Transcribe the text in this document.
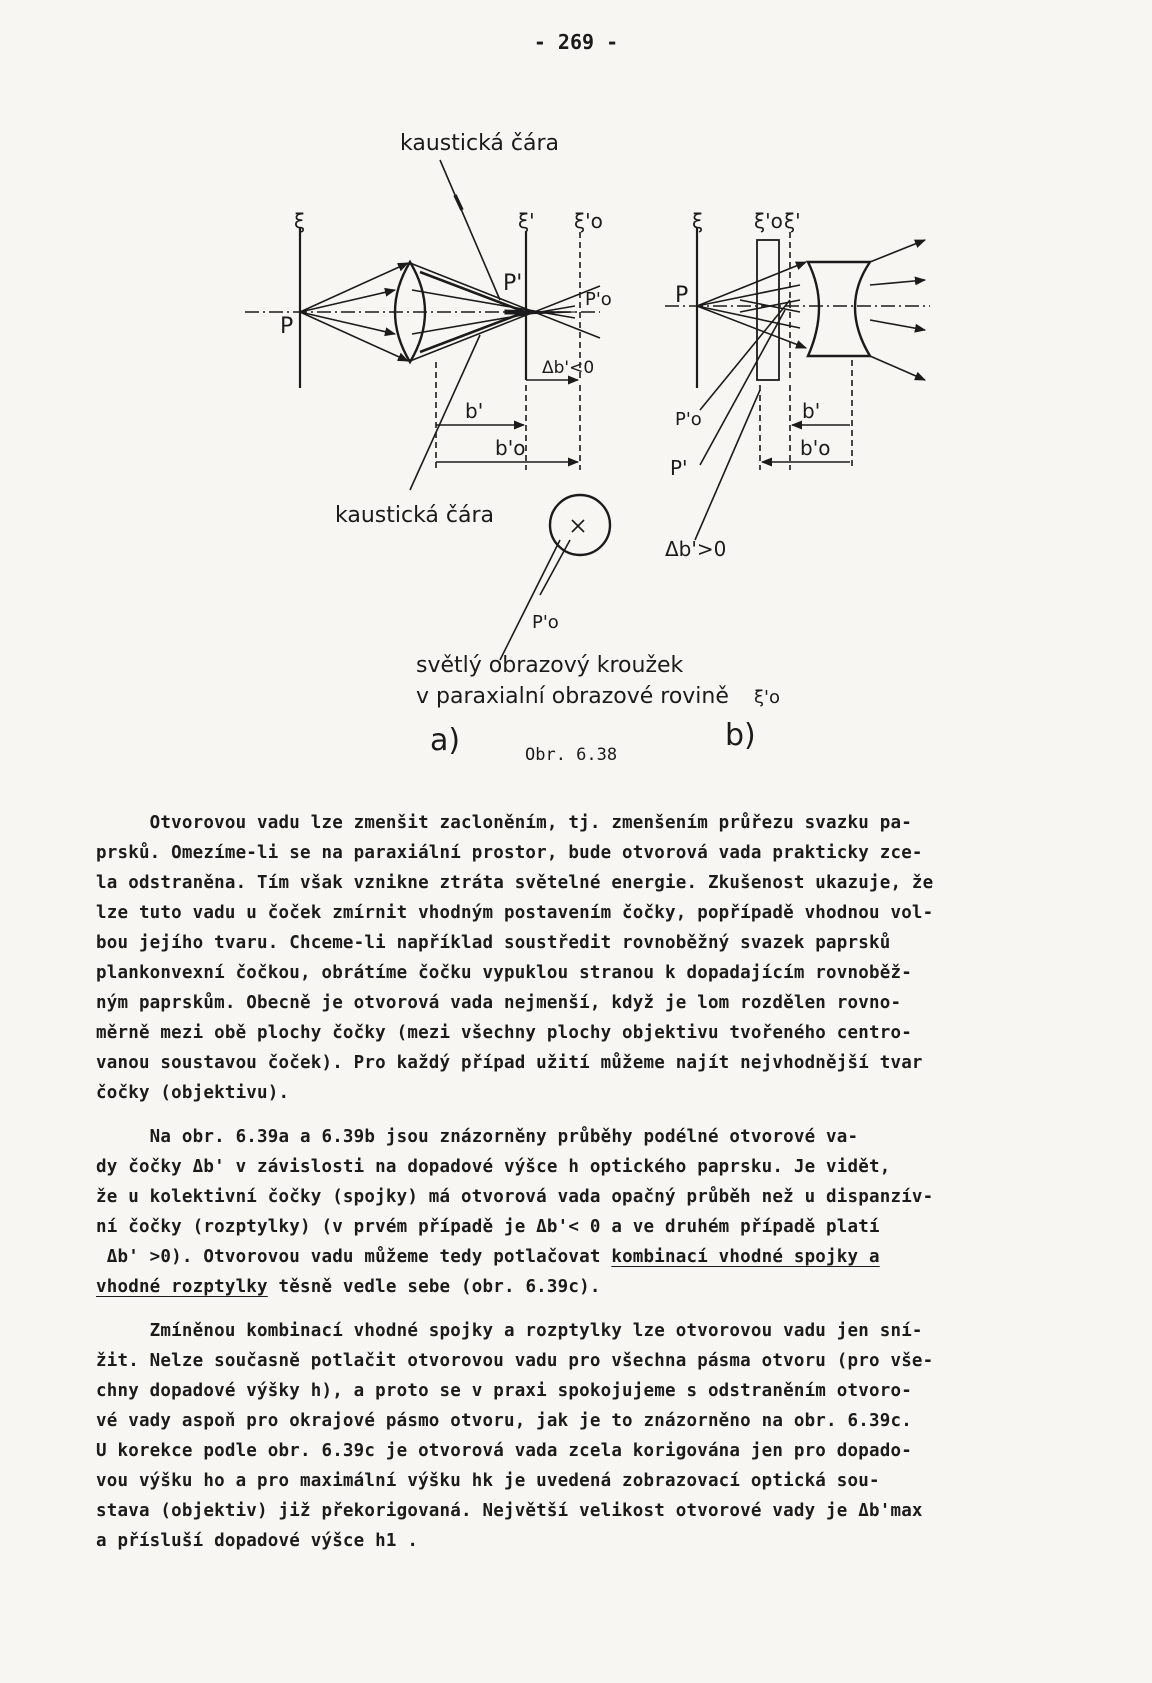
- 269 -
kaustická čára
ξ	ξ' ξ'o
P
P'
P'o
Δb'<0
b'
b'o
kaustická čára
P'o
světlý obrazový kroužek
v paraxialní obrazové rovině ξ'o
ξ	ξ'o ξ'
P
P'o
P'
b'
b'o
Δb'>0
a)	Obr. 6.38
b)

Otvorovou vadu lze zmenšit zacloněním, tj. zmenšením průřezu svazku pa-
prsků. Omezíme-li se na paraxiální prostor, bude otvorová vada prakticky zce-
la odstraněna. Tím však vznikne ztráta světelné energie. Zkušenost ukazuje, že
lze tuto vadu u čoček zmírnit vhodným postavením čočky, popřípadě vhodnou vol-
bou jejího tvaru. Chceme-li například soustředit rovnoběžný svazek paprsků
plankonvexní čočkou, obrátíme čočku vypuklou stranou k dopadajícím rovnoběž-
ným paprskům. Obecně je otvorová vada nejmenší, když je lom rozdělen rovno-
měrně mezi obě plochy čočky (mezi všechny plochy objektivu tvořeného centro-
vanou soustavou čoček). Pro každý případ užití můžeme najít nejvhodnější tvar
čočky (objektivu).

Na obr. 6.39a a 6.39b jsou znázorněny průběhy podélné otvorové va-
dy čočky Δb' v závislosti na dopadové výšce h optického paprsku. Je vidět,
že u kolektivní čočky (spojky) má otvorová vada opačný průběh než u dispanzív-
ní čočky (rozptylky) (v prvém případě je Δb'< 0 a ve druhém případě platí
Δb' >0). Otvorovou vadu můžeme tedy potlačovat kombinací vhodné spojky a
vhodné rozptylky těsně vedle sebe (obr. 6.39c).

Zmíněnou kombinací vhodné spojky a rozptylky lze otvorovou vadu jen sní-
žit. Nelze současně potlačit otvorovou vadu pro všechna pásma otvoru (pro vše-
chny dopadové výšky h), a proto se v praxi spokojujeme s odstraněním otvoro-
vé vady aspoň pro okrajové pásmo otvoru, jak je to znázorněno na obr. 6.39c.
U korekce podle obr. 6.39c je otvorová vada zcela korigována jen pro dopado-
vou výšku ho a pro maximální výšku hk je uvedená zobrazovací optická sou-
stava (objektiv) již překorigovaná. Největší velikost otvorové vady je Δb'max
a přísluší dopadové výšce h1 .
